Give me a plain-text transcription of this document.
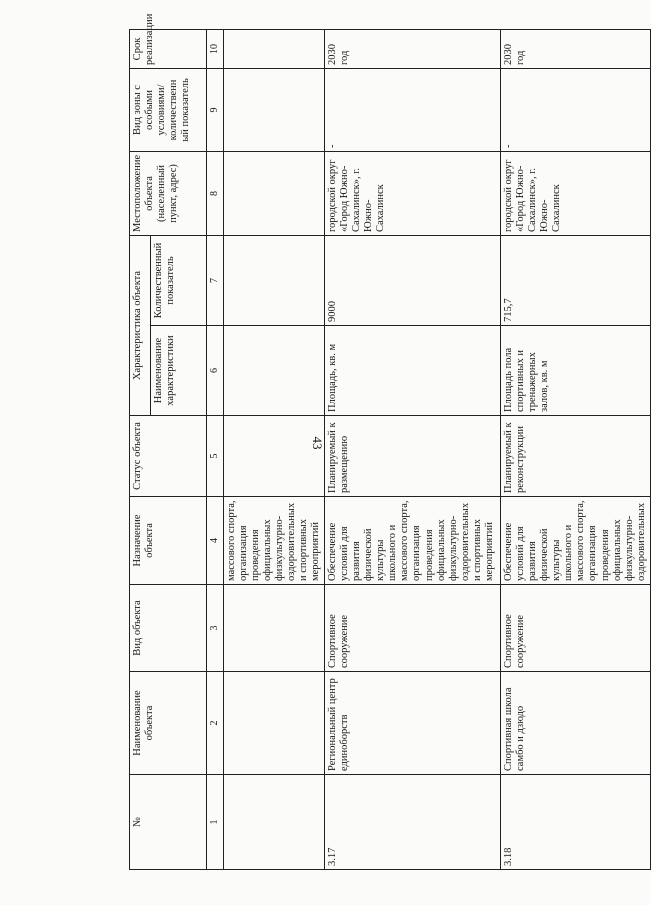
43
№	Наименование объекта	Вид объекта	Назначение объекта	Статус объекта	Характеристика объекта		Местоположение объекта (населенный пункт, адрес)	Вид зоны с особыми условиями/ количественн ый показатель	Срок реализации
					Наименование характеристики	Количественный показатель			
1	2	3	4	5	6	7	8	9	10
			массового спорта, организация проведения официальных физкультурно-оздоровительных и спортивных мероприятий						
3.17	Региональный центр единоборств	Спортивное сооружение	Обеспечение условий для развития физической культуры школьного и массового спорта, организация проведения официальных физкультурно-оздоровительных и спортивных мероприятий	Планируемый к размещению	Площадь, кв. м	9000	городской округ «Город Южно-Сахалинск», г. Южно-Сахалинск	-	2030 год
3.18	Спортивная школа самбо и дзюдо	Спортивное сооружение	Обеспечение условий для развития физической культуры школьного и массового спорта, организация проведения официальных физкультурно-оздоровительных	Планируемый к реконструкции	Площадь пола спортивных и тренажерных залов, кв. м	715,7	городской округ «Город Южно-Сахалинск», г. Южно-Сахалинск	-	2030 год
